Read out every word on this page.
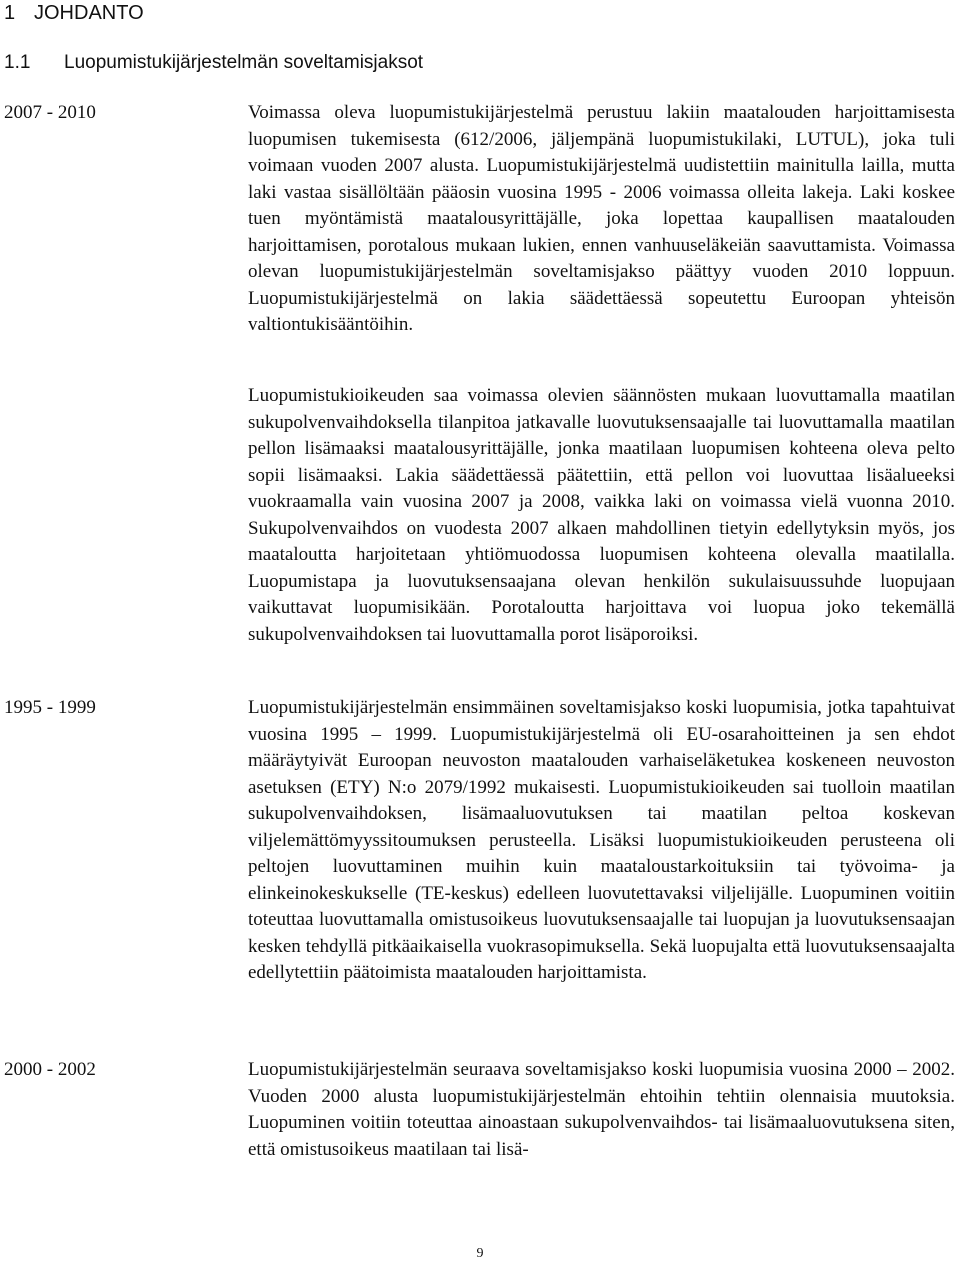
1 JOHDANTO
1.1 Luopumistukijärjestelmän soveltamisjaksot
2007 - 2010	Voimassa oleva luopumistukijärjestelmä perustuu lakiin maatalouden harjoittamisesta luopumisen tukemisesta (612/2006, jäljempänä luopumistukilaki, LUTUL), joka tuli voimaan vuoden 2007 alusta. Luopumistukijärjestelmä uudistettiin mainitulla lailla, mutta laki vastaa sisällöltään pääosin vuosina 1995 - 2006 voimassa olleita lakeja. Laki koskee tuen myöntämistä maatalousyrittäjälle, joka lopettaa kaupallisen maatalouden harjoittamisen, porotalous mukaan lukien, ennen vanhuuseläkeiän saavuttamista. Voimassa olevan luopumistukijärjestelmän soveltamisjakso päättyy vuoden 2010 loppuun. Luopumistukijärjestelmä on lakia säädettäessä sopeutettu Euroopan yhteisön valtiontukisääntöihin.
Luopumistukioikeuden saa voimassa olevien säännösten mukaan luovuttamalla maatilan sukupolvenvaihdoksella tilanpitoa jatkavalle luovutuksensaajalle tai luovuttamalla maatilan pellon lisämaaksi maatalousyrittäjälle, jonka maatilaan luopumisen kohteena oleva pelto sopii lisämaaksi. Lakia säädettäessä päätettiin, että pellon voi luovuttaa lisäalueeksi vuokraamalla vain vuosina 2007 ja 2008, vaikka laki on voimassa vielä vuonna 2010. Sukupolvenvaihdos on vuodesta 2007 alkaen mahdollinen tietyin edellytyksin myös, jos maataloutta harjoitetaan yhtiömuodossa luopumisen kohteena olevalla maatilalla. Luopumistapa ja luovutuksensaajana olevan henkilön sukulaisuussuhde luopujaan vaikuttavat luopumisikään. Porotaloutta harjoittava voi luopua joko tekemällä sukupolvenvaihdoksen tai luovuttamalla porot lisäporoiksi.
1995 - 1999	Luopumistukijärjestelmän ensimmäinen soveltamisjakso koski luopumisia, jotka tapahtuivat vuosina 1995 – 1999. Luopumistukijärjestelmä oli EU-osarahoitteinen ja sen ehdot määräytyivät Euroopan neuvoston maatalouden varhaiseläketukea koskeneen neuvoston asetuksen (ETY) N:o 2079/1992 mukaisesti. Luopumistukioikeuden sai tuolloin maatilan sukupolvenvaihdoksen, lisämaaluovutuksen tai maatilan peltoa koskevan viljelemättömyyssitoumuksen perusteella. Lisäksi luopumistukioikeuden perusteena oli peltojen luovuttaminen muihin kuin maataloustarkoituksiin tai työvoima- ja elinkeinokeskukselle (TE-keskus) edelleen luovutettavaksi viljelijälle. Luopuminen voitiin toteuttaa luovuttamalla omistusoikeus luovutuksensaajalle tai luopujan ja luovutuksensaajan kesken tehdyllä pitkäaikaisella vuokrasopimuksella. Sekä luopujalta että luovutuksensaajalta edellytettiin päätoimista maatalouden harjoittamista.
2000 - 2002	Luopumistukijärjestelmän seuraava soveltamisjakso koski luopumisia vuosina 2000 – 2002. Vuoden 2000 alusta luopumistukijärjestelmän ehtoihin tehtiin olennaisia muutoksia. Luopuminen voitiin toteuttaa ainoastaan sukupolvenvaihdos- tai lisämaaluovutuksena siten, että omistusoikeus maatilaan tai lisä-
9
